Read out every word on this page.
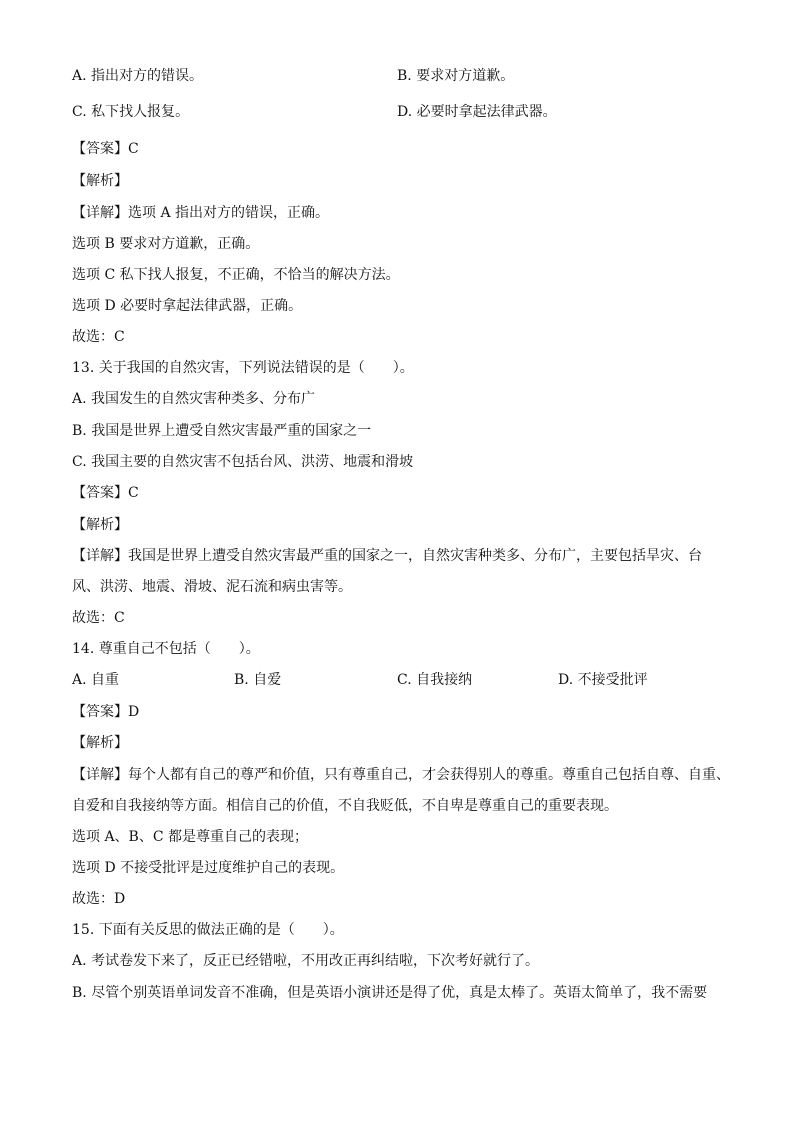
A. 指出对方的错误。	B. 要求对方道歉。

C. 私下找人报复。	D. 必要时拿起法律武器。

【答案】C

【解析】

【详解】选项 A 指出对方的错误，正确。

选项 B 要求对方道歉，正确。

选项 C 私下找人报复，不正确，不恰当的解决方法。

选项 D 必要时拿起法律武器，正确。

故选：C

13. 关于我国的自然灾害，下列说法错误的是（　　）。

A. 我国发生的自然灾害种类多、分布广

B. 我国是世界上遭受自然灾害最严重的国家之一

C. 我国主要的自然灾害不包括台风、洪涝、地震和滑坡

【答案】C

【解析】

【详解】我国是世界上遭受自然灾害最严重的国家之一，自然灾害种类多、分布广，主要包括旱灾、台

风、洪涝、地震、滑坡、泥石流和病虫害等。

故选：C

14. 尊重自己不包括（　　）。

A. 自重	B. 自爱	C. 自我接纳	D. 不接受批评

【答案】D

【解析】

【详解】每个人都有自己的尊严和价值，只有尊重自己，才会获得别人的尊重。尊重自己包括自尊、自重、

自爱和自我接纳等方面。相信自己的价值，不自我贬低，不自卑是尊重自己的重要表现。

选项 A、B、C 都是尊重自己的表现；

选项 D 不接受批评是过度维护自己的表现。

故选：D

15. 下面有关反思的做法正确的是（　　）。

A. 考试卷发下来了，反正已经错啦，不用改正再纠结啦，下次考好就行了。

B. 尽管个别英语单词发音不准确，但是英语小演讲还是得了优，真是太棒了。英语太简单了，我不需要
